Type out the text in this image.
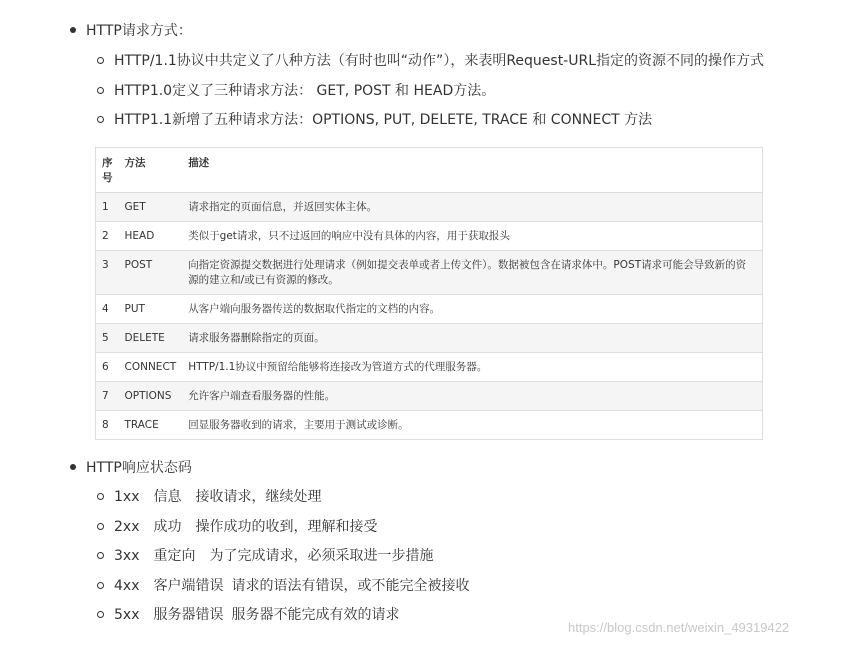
HTTP请求方式：
HTTP/1.1协议中共定义了八种方法（有时也叫“动作”），来表明Request-URL指定的资源不同的操作方式
HTTP1.0定义了三种请求方法： GET, POST 和 HEAD方法。
HTTP1.1新增了五种请求方法：OPTIONS, PUT, DELETE, TRACE 和 CONNECT 方法
序号	方法	描述
1	GET	请求指定的页面信息，并返回实体主体。
2	HEAD	类似于get请求，只不过返回的响应中没有具体的内容，用于获取报头
3	POST	向指定资源提交数据进行处理请求（例如提交表单或者上传文件）。数据被包含在请求体中。POST请求可能会导致新的资源的建立和/或已有资源的修改。
4	PUT	从客户端向服务器传送的数据取代指定的文档的内容。
5	DELETE	请求服务器删除指定的页面。
6	CONNECT	HTTP/1.1协议中预留给能够将连接改为管道方式的代理服务器。
7	OPTIONS	允许客户端查看服务器的性能。
8	TRACE	回显服务器收到的请求，主要用于测试或诊断。
HTTP响应状态码
1xx 信息 接收请求，继续处理
2xx 成功 操作成功的收到，理解和接受
3xx 重定向 为了完成请求，必须采取进一步措施
4xx 客户端错误 请求的语法有错误，或不能完全被接收
5xx 服务器错误 服务器不能完成有效的请求
https://blog.csdn.net/weixin_49319422
